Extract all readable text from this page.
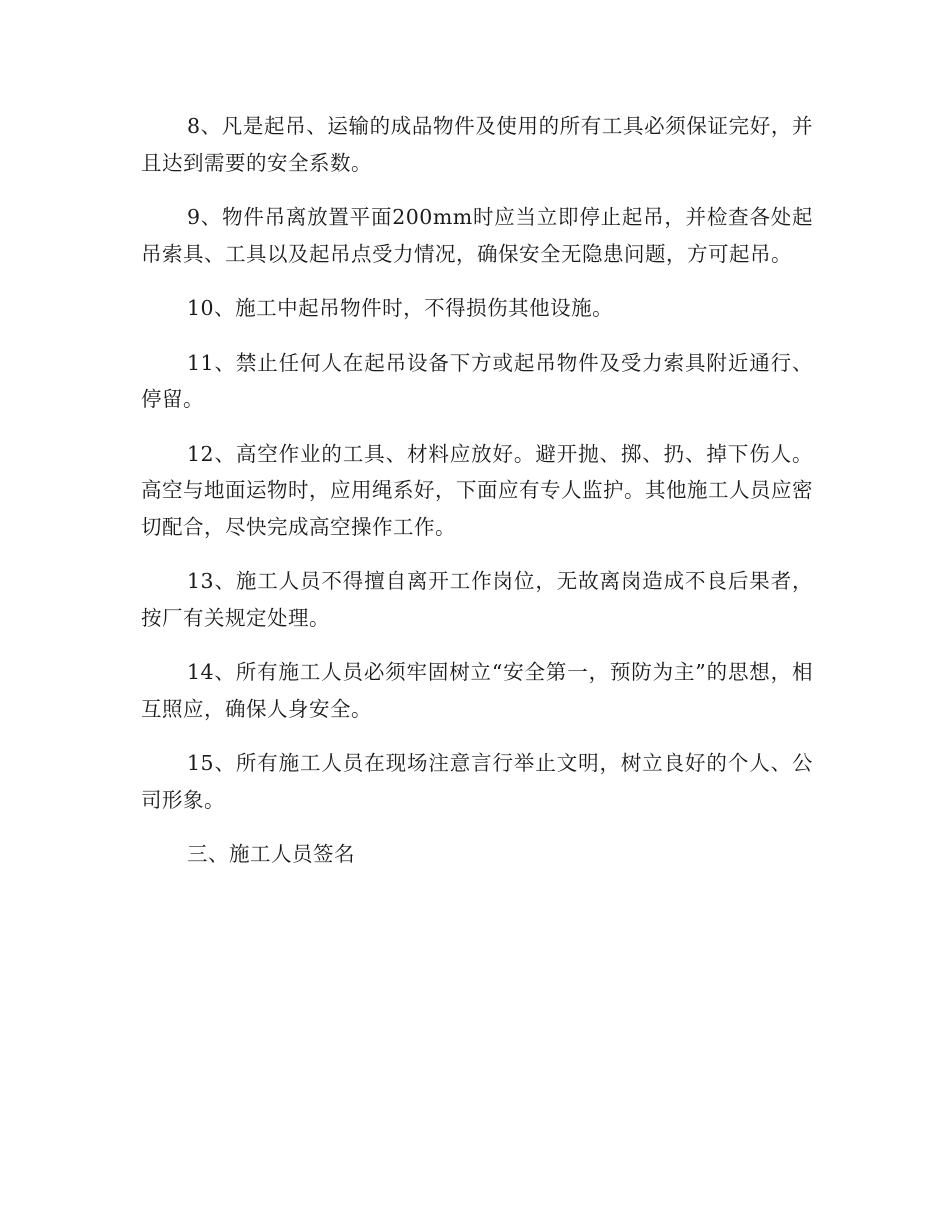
8、凡是起吊、运输的成品物件及使用的所有工具必须保证完好，并且达到需要的安全系数。

9、物件吊离放置平面200mm时应当立即停止起吊，并检查各处起吊索具、工具以及起吊点受力情况，确保安全无隐患问题，方可起吊。

10、施工中起吊物件时，不得损伤其他设施。

11、禁止任何人在起吊设备下方或起吊物件及受力索具附近通行、停留。

12、高空作业的工具、材料应放好。避开抛、掷、扔、掉下伤人。高空与地面运物时，应用绳系好，下面应有专人监护。其他施工人员应密切配合，尽快完成高空操作工作。

13、施工人员不得擅自离开工作岗位，无故离岗造成不良后果者，按厂有关规定处理。

14、所有施工人员必须牢固树立“安全第一，预防为主”的思想，相互照应，确保人身安全。

15、所有施工人员在现场注意言行举止文明，树立良好的个人、公司形象。

三、施工人员签名
